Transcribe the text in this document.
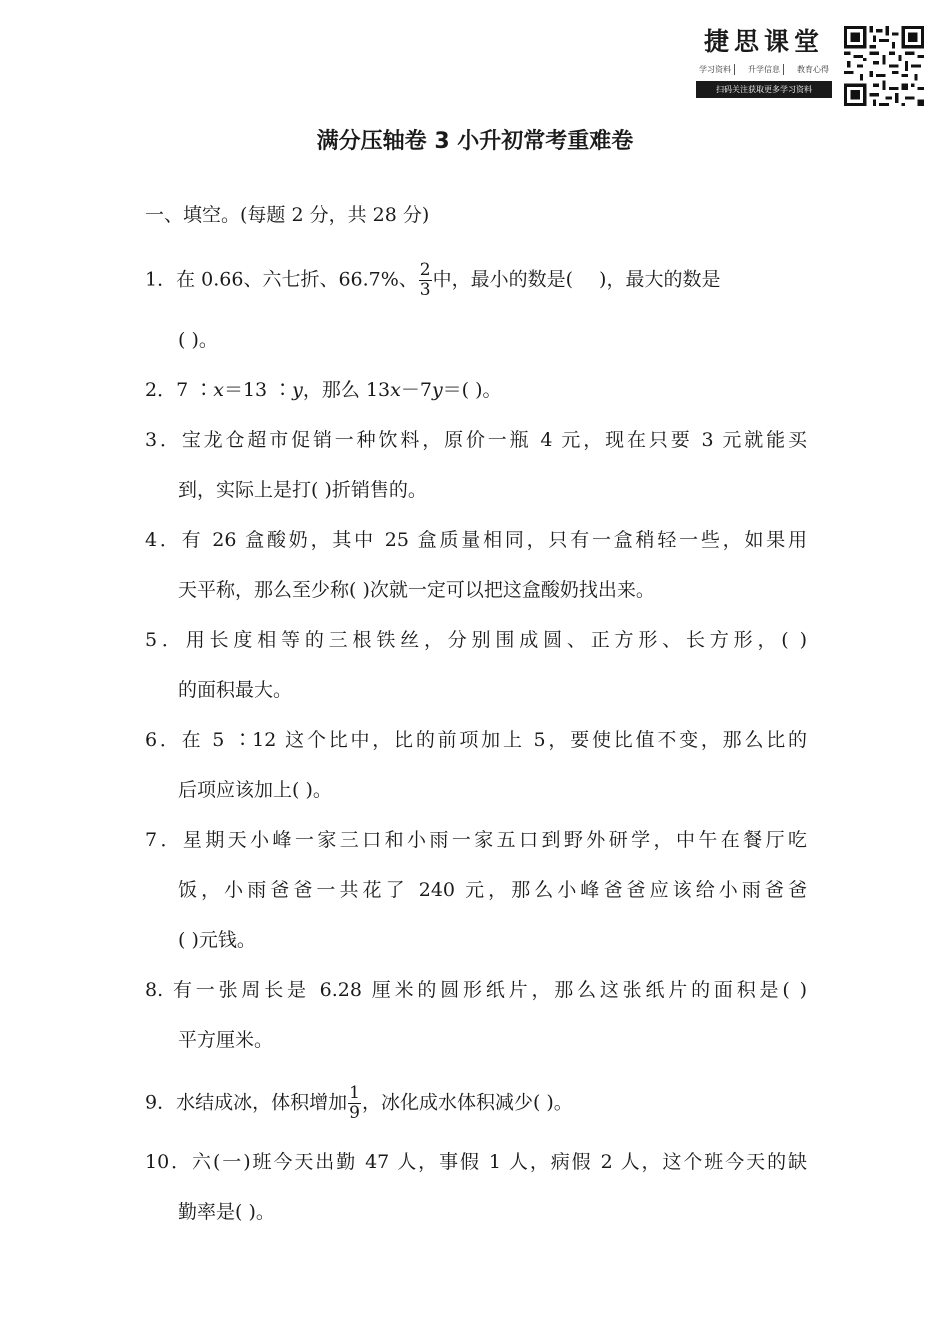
捷思课堂
学习资料	升学信息	教育心得
扫码关注获取更多学习资料
满分压轴卷 3 小升初常考重难卷
一、填空。(每题 2 分，共 28 分)
1．在 0.66、六七折、66.7%、 $\frac{2}{3}$ 中，最小的数是( )，最大的数是
( )。
2．7 ∶x＝13 ∶y，那么 13x－7y＝( )。
3．宝龙仓超市促销一种饮料，原价一瓶 4 元，现在只要 3 元就能买
到，实际上是打( )折销售的。
4．有 26 盒酸奶，其中 25 盒质量相同，只有一盒稍轻一些，如果用
天平称，那么至少称( )次就一定可以把这盒酸奶找出来。
5．用长度相等的三根铁丝，分别围成圆、正方形、长方形，( )
的面积最大。
6．在 5 ∶12 这个比中，比的前项加上 5，要使比值不变，那么比的
后项应该加上( )。
7．星期天小峰一家三口和小雨一家五口到野外研学，中午在餐厅吃
饭，小雨爸爸一共花了 240 元，那么小峰爸爸应该给小雨爸爸
( )元钱。
8. 有一张周长是 6.28 厘米的圆形纸片，那么这张纸片的面积是( )
平方厘米。
9．水结成冰，体积增加 $\frac{1}{9}$ ，冰化成水体积减少( )。
10．六(一)班今天出勤 47 人，事假 1 人，病假 2 人，这个班今天的缺
勤率是( )。
